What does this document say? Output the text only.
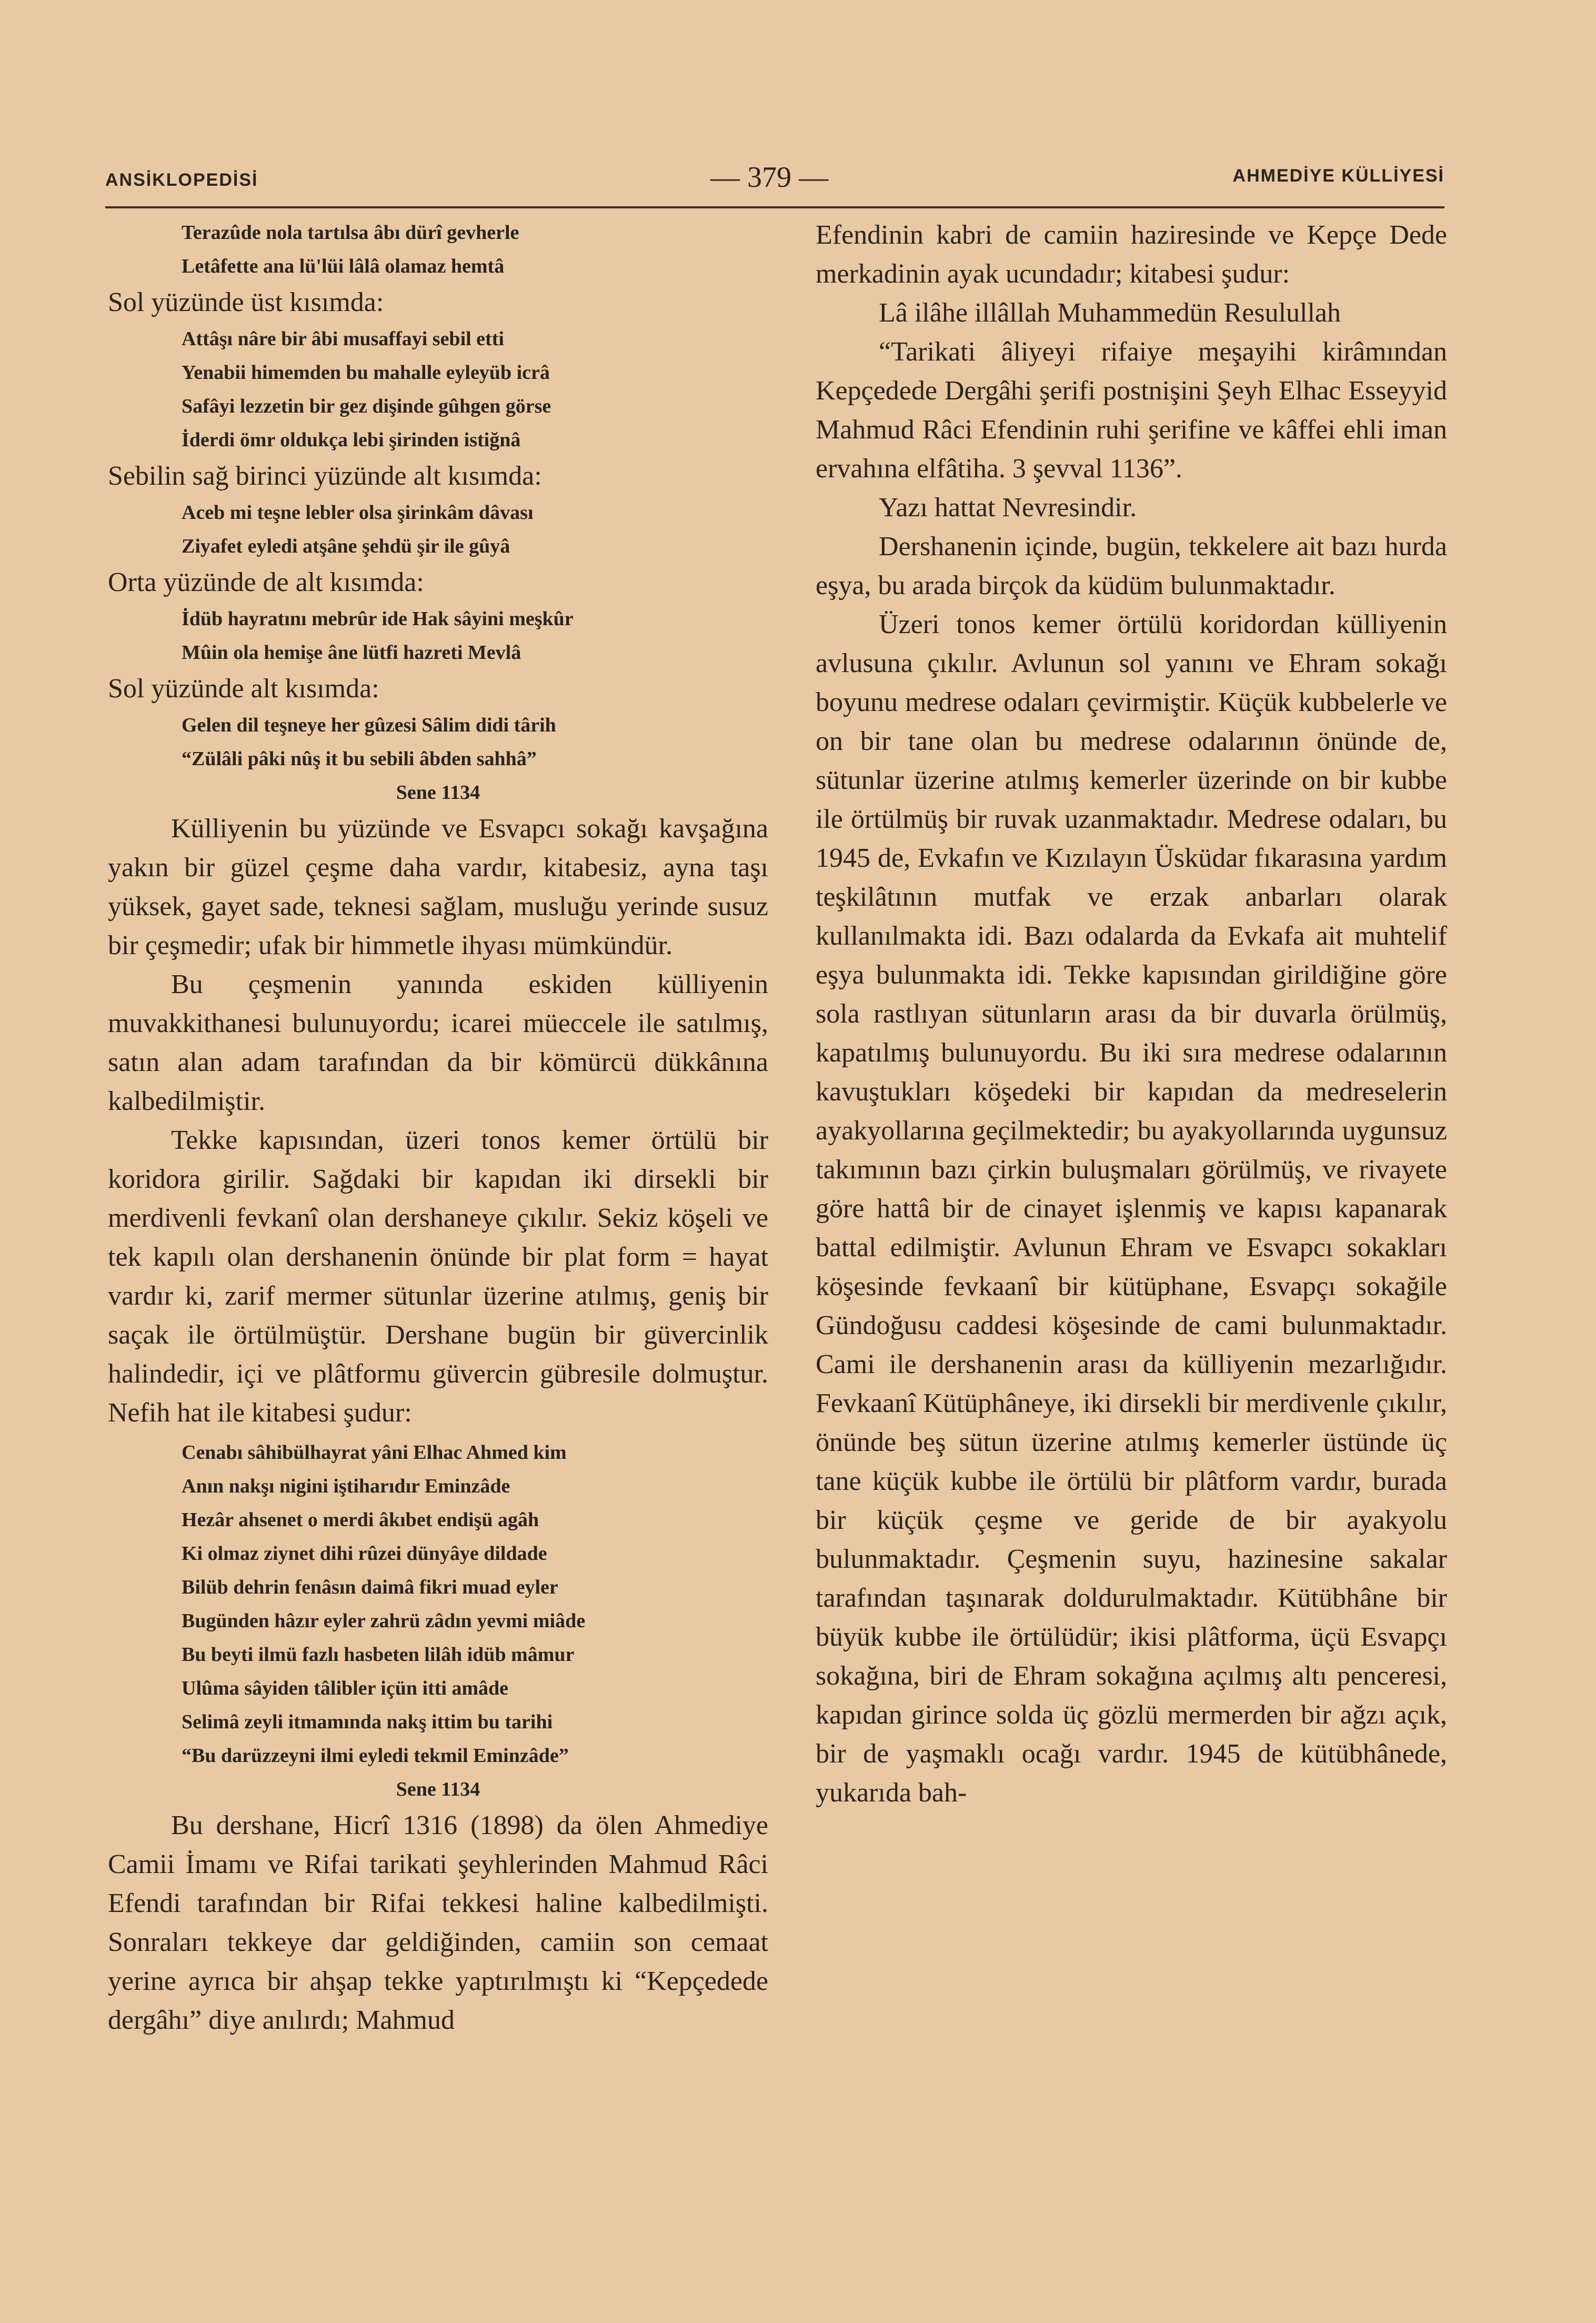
ANSİKLOPEDİSİ	— 379 —	AHMEDİYE KÜLLİYESİ
Terazûde nola tartılsa âbı dürî gevherle
Letâfette ana lü'lüi lâlâ olamaz hemtâ
Sol yüzünde üst kısımda:
Attâşı nâre bir âbi musaffayi sebil etti
Yenabii himemden bu mahalle eyleyüb icrâ
Safâyi lezzetin bir gez dişinde gûhgen görse
İderdi ömr oldukça lebi şirinden istiğnâ
Sebilin sağ birinci yüzünde alt kısımda:
Aceb mi teşne lebler olsa şirinkâm dâvası
Ziyafet eyledi atşâne şehdü şir ile gûyâ
Orta yüzünde de alt kısımda:
İdüb hayratını mebrûr ide Hak sâyini meşkûr
Mûin ola hemişe âne lütfi hazreti Mevlâ
Sol yüzünde alt kısımda:
Gelen dil teşneye her gûzesi Sâlim didi târih
“Zülâli pâki nûş it bu sebili âbden sahhâ”
Sene 1134

Külliyenin bu yüzünde ve Esvapcı sokağı kavşağına yakın bir güzel çeşme daha vardır, kitabesiz, ayna taşı yüksek, gayet sade, teknesi sağlam, musluğu yerinde susuz bir çeşmedir; ufak bir himmetle ihyası mümkündür.

Bu çeşmenin yanında eskiden külliyenin muvakkithanesi bulunuyordu; icarei müeccele ile satılmış, satın alan adam tarafından da bir kömürcü dükkânına kalbedilmiştir.

Tekke kapısından, üzeri tonos kemer örtülü bir koridora girilir. Sağdaki bir kapıdan iki dirsekli bir merdivenli fevkanî olan dershaneye çıkılır. Sekiz köşeli ve tek kapılı olan dershanenin önünde bir plat form = hayat vardır ki, zarif mermer sütunlar üzerine atılmış, geniş bir saçak ile örtülmüştür. Dershane bugün bir güvercinlik halindedir, içi ve plâtformu güvercin gübresile dolmuştur. Nefih hat ile kitabesi şudur:

Cenabı sâhibülhayrat yâni Elhac Ahmed kim
Anın nakşı nigini iştiharıdır Eminzâde
Hezâr ahsenet o merdi âkıbet endişü agâh
Ki olmaz ziynet dihi rûzei dünyâye dildade
Bilüb dehrin fenâsın daimâ fikri muad eyler
Bugünden hâzır eyler zahrü zâdın yevmi miâde
Bu beyti ilmü fazlı hasbeten lilâh idüb mâmur
Ulûma sâyiden tâlibler içün itti amâde
Selimâ zeyli itmamında nakş ittim bu tarihi
“Bu darüzzeyni ilmi eyledi tekmil Eminzâde”
Sene 1134

Bu dershane, Hicrî 1316 (1898) da ölen Ahmediye Camii İmamı ve Rifai tarikati şeyhlerinden Mahmud Râci Efendi tarafından bir Rifai tekkesi haline kalbedilmişti. Sonraları tekkeye dar geldiğinden, camiin son cemaat yerine ayrıca bir ahşap tekke yaptırılmıştı ki “Kepçedede dergâhı” diye anılırdı; Mahmud

Efendinin kabri de camiin haziresinde ve Kepçe Dede merkadinin ayak ucundadır; kitabesi şudur:

Lâ ilâhe illâllah Muhammedün Resulullah

“Tarikati âliyeyi rifaiye meşayihi kirâmından Kepçedede Dergâhi şerifi postnişini Şeyh Elhac Esseyyid Mahmud Râci Efendinin ruhi şerifine ve kâffei ehli iman ervahına elfâtiha. 3 şevval 1136”.

Yazı hattat Nevresindir.

Dershanenin içinde, bugün, tekkelere ait bazı hurda eşya, bu arada birçok da küdüm bulunmaktadır.

Üzeri tonos kemer örtülü koridordan külliyenin avlusuna çıkılır. Avlunun sol yanını ve Ehram sokağı boyunu medrese odaları çevirmiştir. Küçük kubbelerle ve on bir tane olan bu medrese odalarının önünde de, sütunlar üzerine atılmış kemerler üzerinde on bir kubbe ile örtülmüş bir ruvak uzanmaktadır. Medrese odaları, bu 1945 de, Evkafın ve Kızılayın Üsküdar fıkarasına yardım teşkilâtının mutfak ve erzak anbarları olarak kullanılmakta idi. Bazı odalarda da Evkafa ait muhtelif eşya bulunmakta idi. Tekke kapısından girildiğine göre sola rastlıyan sütunların arası da bir duvarla örülmüş, kapatılmış bulunuyordu. Bu iki sıra medrese odalarının kavuştukları köşedeki bir kapıdan da medreselerin ayakyollarına geçilmektedir; bu ayakyollarında uygunsuz takımının bazı çirkin buluşmaları görülmüş, ve rivayete göre hattâ bir de cinayet işlenmiş ve kapısı kapanarak battal edilmiştir. Avlunun Ehram ve Esvapcı sokakları köşesinde fevkaanî bir kütüphane, Esvapçı sokağile Gündoğusu caddesi köşesinde de cami bulunmaktadır. Cami ile dershanenin arası da külliyenin mezarlığıdır. Fevkaanî Kütüphâneye, iki dirsekli bir merdivenle çıkılır, önünde beş sütun üzerine atılmış kemerler üstünde üç tane küçük kubbe ile örtülü bir plâtform vardır, burada bir küçük çeşme ve geride de bir ayakyolu bulunmaktadır. Çeşmenin suyu, hazinesine sakalar tarafından taşınarak doldurulmaktadır. Kütübhâne bir büyük kubbe ile örtülüdür; ikisi plâtforma, üçü Esvapçı sokağına, biri de Ehram sokağına açılmış altı penceresi, kapıdan girince solda üç gözlü mermerden bir ağzı açık, bir de yaşmaklı ocağı vardır. 1945 de kütübhânede, yukarıda bah-
